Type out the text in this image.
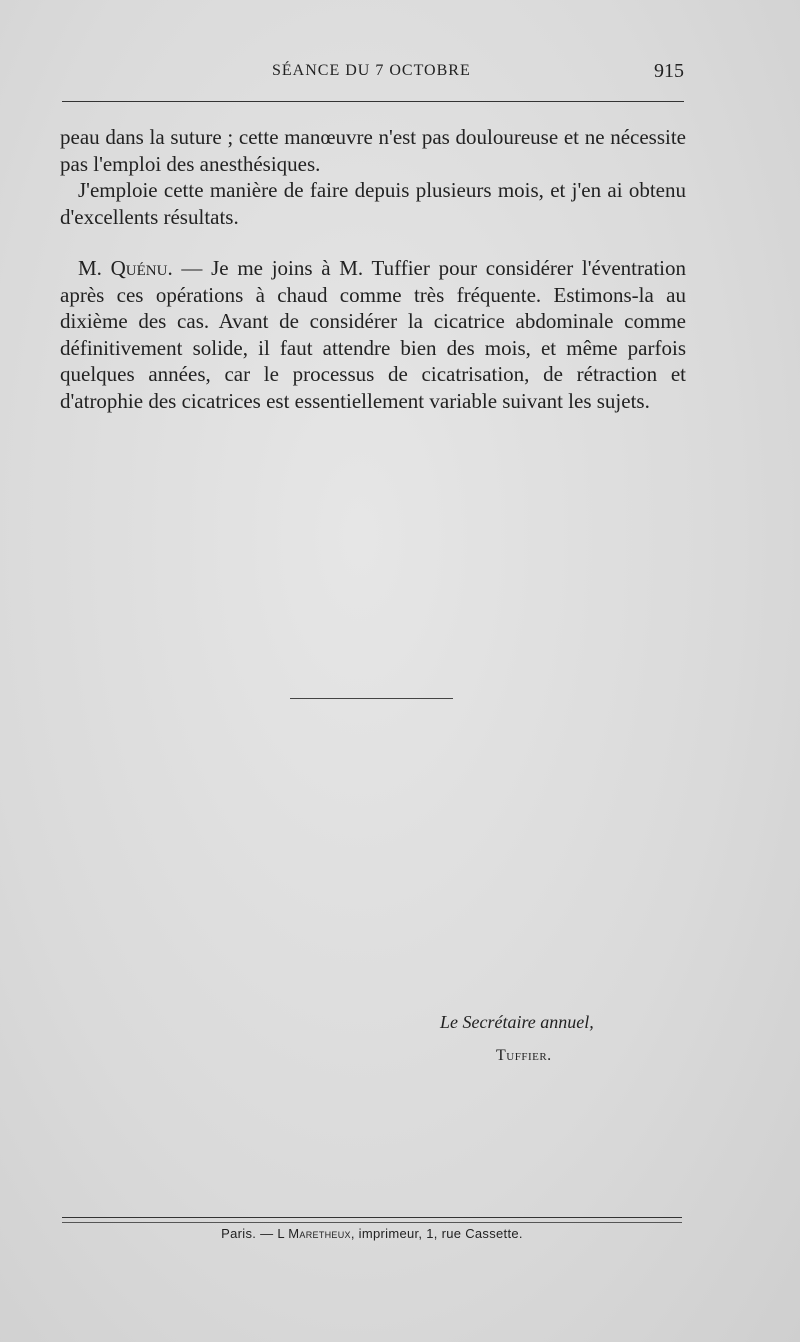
SÉANCE DU 7 OCTOBRE	915

peau dans la suture ; cette manœuvre n'est pas douloureuse et ne nécessite pas l'emploi des anesthésiques.

J'emploie cette manière de faire depuis plusieurs mois, et j'en ai obtenu d'excellents résultats.

M. Quénu. — Je me joins à M. Tuffier pour considérer l'éventration après ces opérations à chaud comme très fréquente. Estimons-la au dixième des cas. Avant de considérer la cicatrice abdominale comme définitivement solide, il faut attendre bien des mois, et même parfois quelques années, car le processus de cicatrisation, de rétraction et d'atrophie des cicatrices est essentiellement variable suivant les sujets.

Le Secrétaire annuel,
Tuffier.
Paris. — L Maretheux, imprimeur, 1, rue Cassette.
